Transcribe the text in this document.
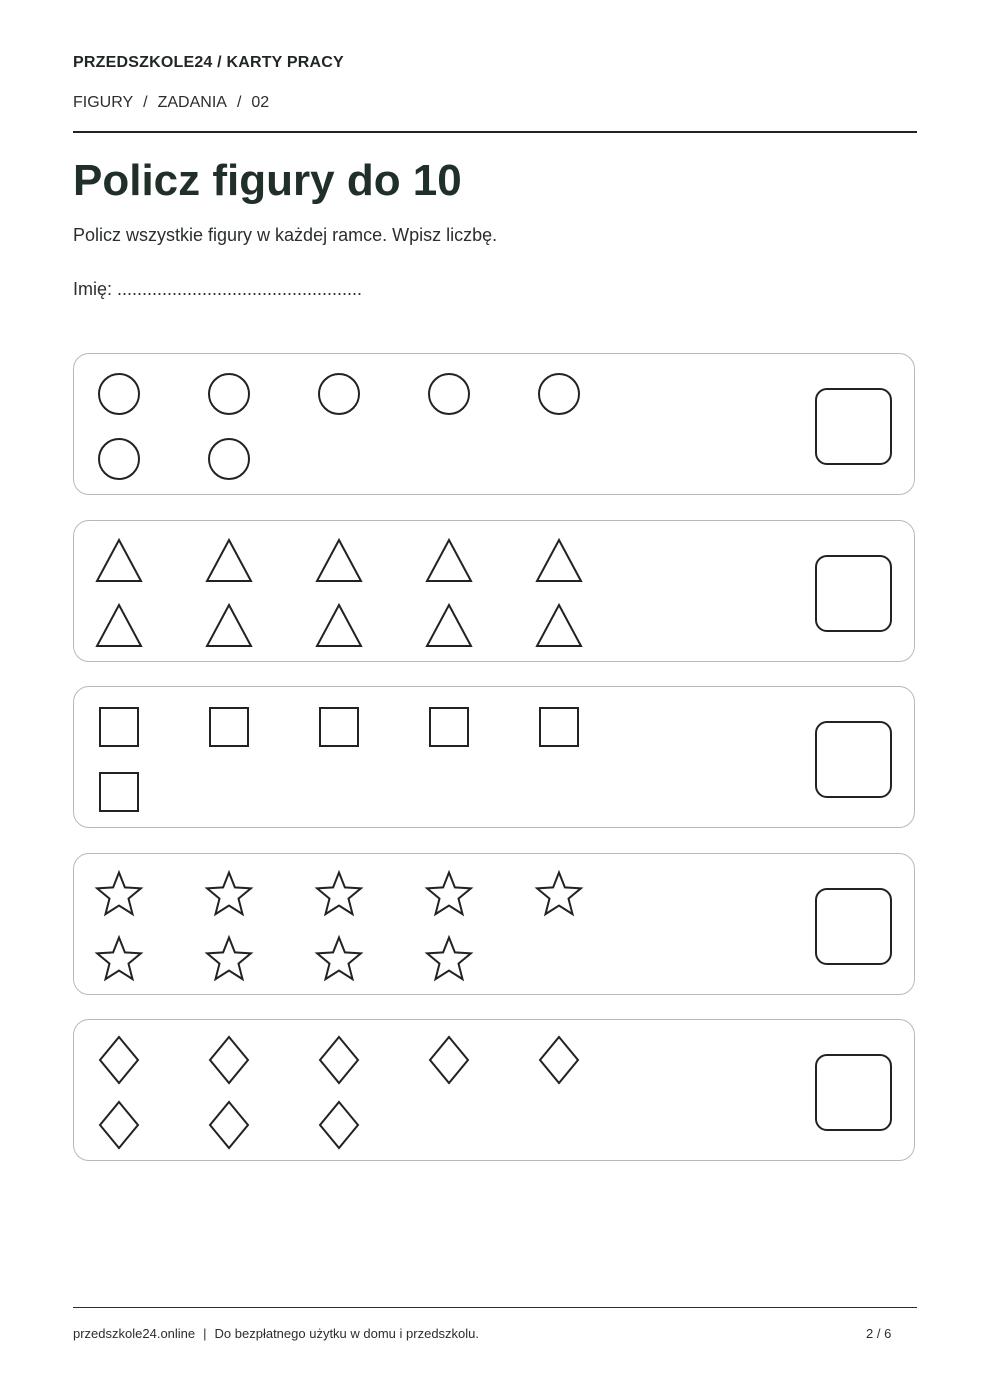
PRZEDSZKOLE24 / KARTY PRACY
FIGURY / ZADANIA / 02
Policz figury do 10
Policz wszystkie figury w każdej ramce. Wpisz liczbę.
Imię: .................................................
przedszkole24.online | Do bezpłatnego użytku w domu i przedszkolu.	2 / 6
